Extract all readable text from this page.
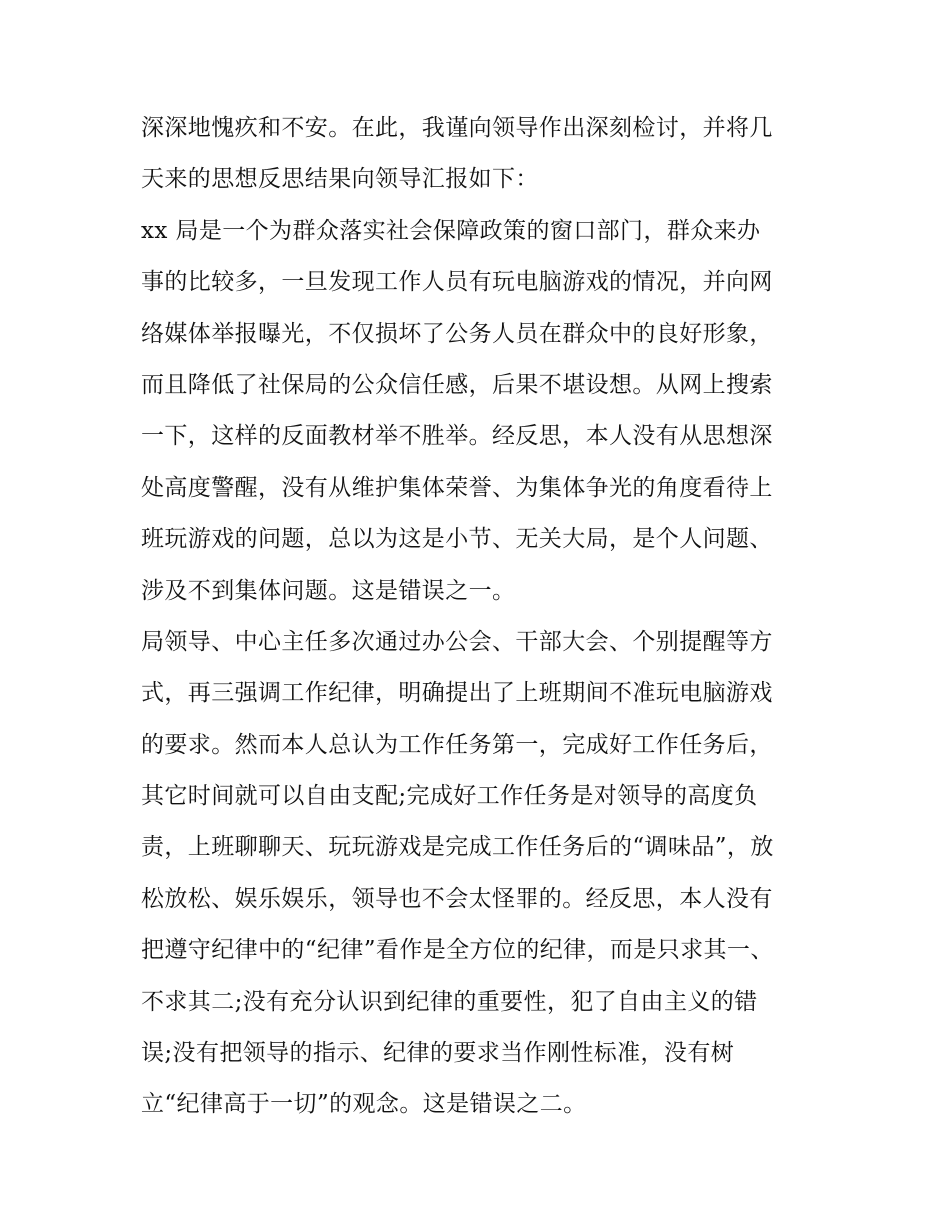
深深地愧疚和不安。在此，我谨向领导作出深刻检讨，并将几
天来的思想反思结果向领导汇报如下：
xx 局是一个为群众落实社会保障政策的窗口部门，群众来办
事的比较多，一旦发现工作人员有玩电脑游戏的情况，并向网
络媒体举报曝光，不仅损坏了公务人员在群众中的良好形象，
而且降低了社保局的公众信任感，后果不堪设想。从网上搜索
一下，这样的反面教材举不胜举。经反思，本人没有从思想深
处高度警醒，没有从维护集体荣誉、为集体争光的角度看待上
班玩游戏的问题，总以为这是小节、无关大局，是个人问题、
涉及不到集体问题。这是错误之一。
局领导、中心主任多次通过办公会、干部大会、个别提醒等方
式，再三强调工作纪律，明确提出了上班期间不准玩电脑游戏
的要求。然而本人总认为工作任务第一，完成好工作任务后，
其它时间就可以自由支配;完成好工作任务是对领导的高度负
责，上班聊聊天、玩玩游戏是完成工作任务后的“调味品”，放
松放松、娱乐娱乐，领导也不会太怪罪的。经反思，本人没有
把遵守纪律中的“纪律”看作是全方位的纪律，而是只求其一、
不求其二;没有充分认识到纪律的重要性，犯了自由主义的错
误;没有把领导的指示、纪律的要求当作刚性标准，没有树
立“纪律高于一切”的观念。这是错误之二。
